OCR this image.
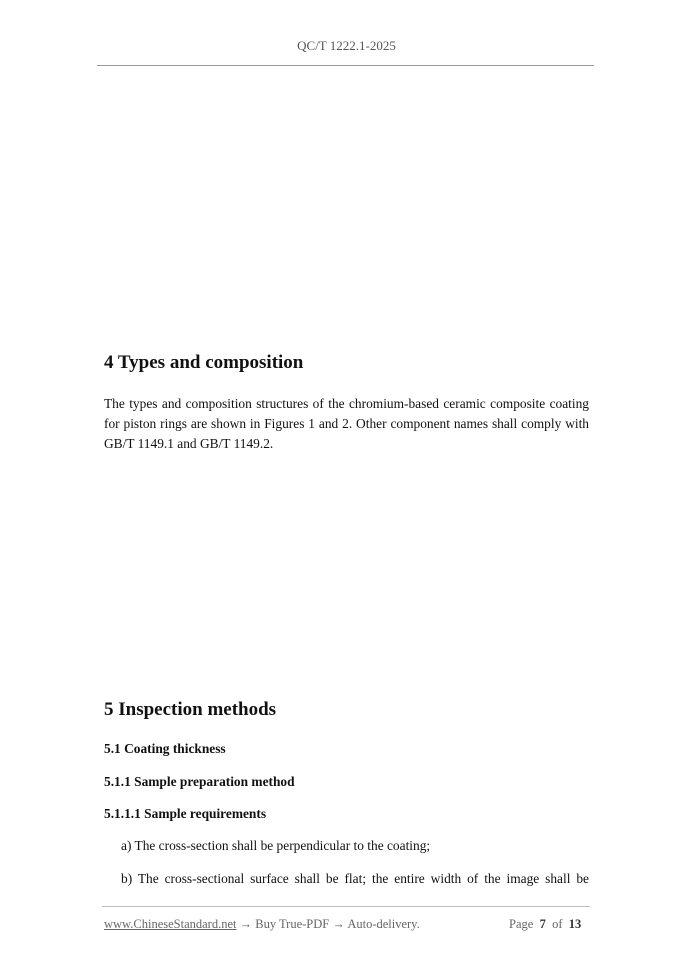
QC/T 1222.1-2025
4 Types and composition

The types and composition structures of the chromium-based ceramic composite coating for piston rings are shown in Figures 1 and 2. Other component names shall comply with GB/T 1149.1 and GB/T 1149.2.

5 Inspection methods

5.1 Coating thickness

5.1.1 Sample preparation method

5.1.1.1 Sample requirements

a) The cross-section shall be perpendicular to the coating;

b) The cross-sectional surface shall be flat; the entire width of the image shall be

www.ChineseStandard.net → Buy True-PDF → Auto-delivery.	Page 7 of 13
